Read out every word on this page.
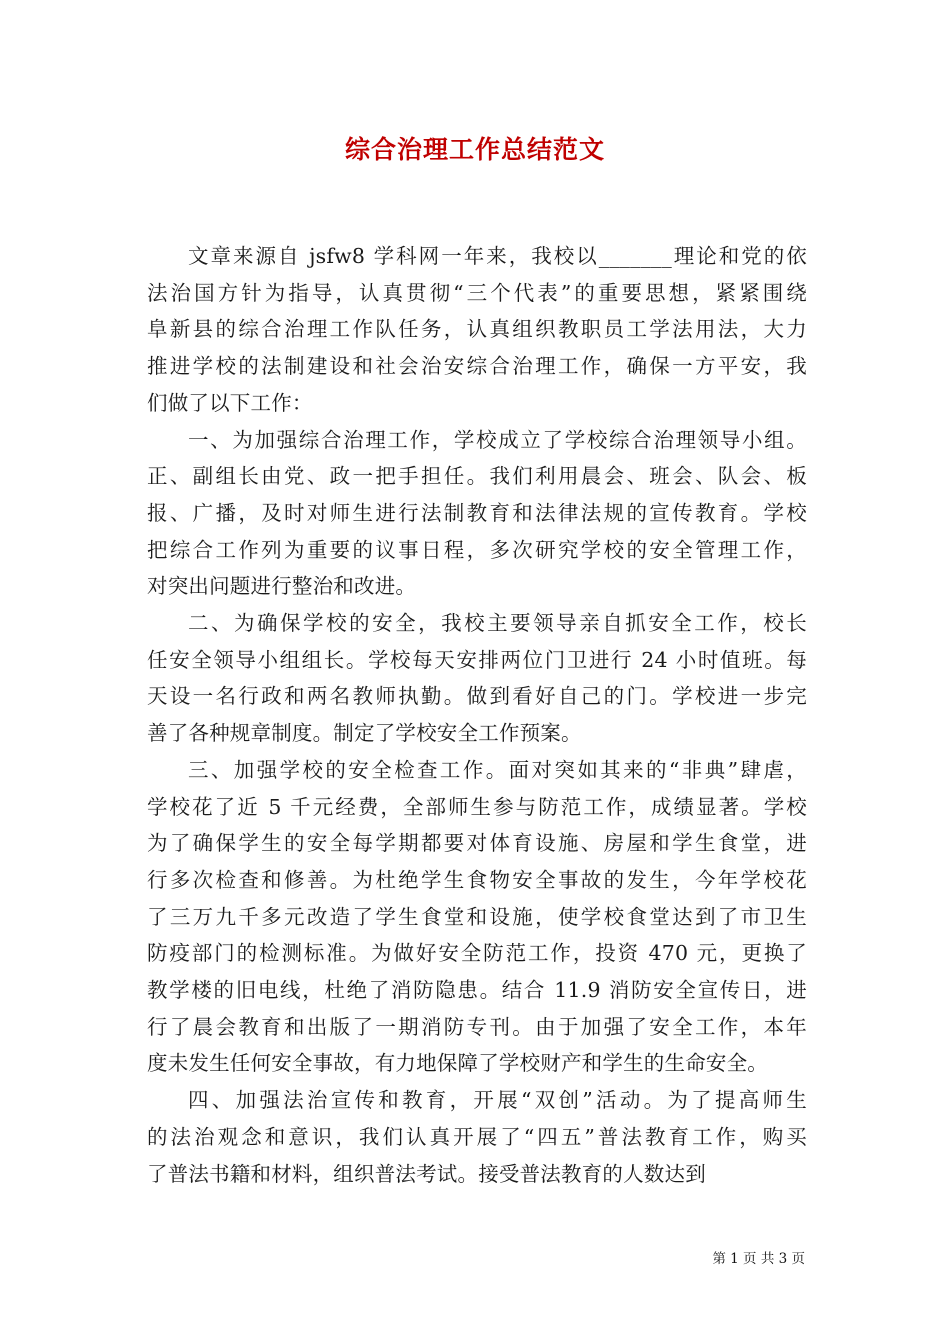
综合治理工作总结范文
文章来源自 jsfw8 学科网一年来，我校以_______理论和党的依
法治国方针为指导，认真贯彻“三个代表”的重要思想，紧紧围绕
阜新县的综合治理工作队任务，认真组织教职员工学法用法，大力
推进学校的法制建设和社会治安综合治理工作，确保一方平安，我
们做了以下工作：
一、为加强综合治理工作，学校成立了学校综合治理领导小组。
正、副组长由党、政一把手担任。我们利用晨会、班会、队会、板
报、广播，及时对师生进行法制教育和法律法规的宣传教育。学校
把综合工作列为重要的议事日程，多次研究学校的安全管理工作，
对突出问题进行整治和改进。
二、为确保学校的安全，我校主要领导亲自抓安全工作，校长
任安全领导小组组长。学校每天安排两位门卫进行 24 小时值班。每
天设一名行政和两名教师执勤。做到看好自己的门。学校进一步完
善了各种规章制度。制定了学校安全工作预案。
三、加强学校的安全检查工作。面对突如其来的“非典”肆虐，
学校花了近 5 千元经费，全部师生参与防范工作，成绩显著。学校
为了确保学生的安全每学期都要对体育设施、房屋和学生食堂，进
行多次检查和修善。为杜绝学生食物安全事故的发生，今年学校花
了三万九千多元改造了学生食堂和设施，使学校食堂达到了市卫生
防疫部门的检测标准。为做好安全防范工作，投资 470 元，更换了
教学楼的旧电线，杜绝了消防隐患。结合 11.9 消防安全宣传日，进
行了晨会教育和出版了一期消防专刊。由于加强了安全工作，本年
度未发生任何安全事故，有力地保障了学校财产和学生的生命安全。
四、加强法治宣传和教育，开展“双创”活动。为了提高师生
的法治观念和意识，我们认真开展了“四五”普法教育工作，购买
了普法书籍和材料，组织普法考试。接受普法教育的人数达到
第 1 页 共 3 页
